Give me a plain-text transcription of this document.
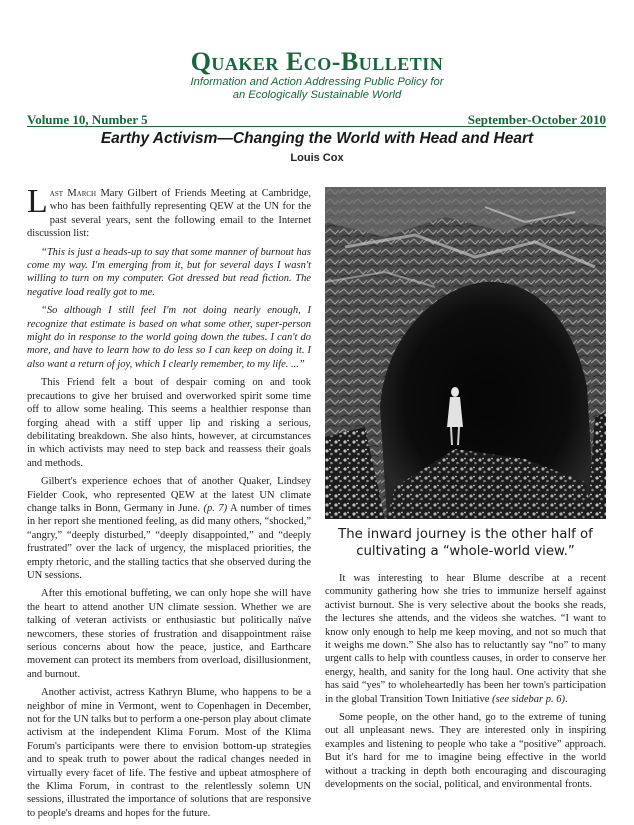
Quaker Eco-Bulletin
Information and Action Addressing Public Policy for
an Ecologically Sustainable World
Volume 10, Number 5	September-October 2010
Earthy Activism—Changing the World with Head and Heart
Louis Cox

Last March Mary Gilbert of Friends Meeting at Cambridge, who has been faithfully representing QEW at the UN for the past several years, sent the following email to the Internet discussion list:

“This is just a heads-up to say that some manner of burnout has come my way. I'm emerging from it, but for several days I wasn't willing to turn on my computer. Got dressed but read fiction. The negative load really got to me.

“So although I still feel I'm not doing nearly enough, I recognize that estimate is based on what some other, super-person might do in response to the world going down the tubes. I can't do more, and have to learn how to do less so I can keep on doing it. I also want a return of joy, which I clearly remember, to my life. ...”

This Friend felt a bout of despair coming on and took precautions to give her bruised and overworked spirit some time off to allow some healing. This seems a healthier response than forging ahead with a stiff upper lip and risking a serious, debilitating breakdown. She also hints, however, at circumstances in which activists may need to step back and reassess their goals and methods.

Gilbert's experience echoes that of another Quaker, Lindsey Fielder Cook, who represented QEW at the latest UN climate change talks in Bonn, Germany in June. (p. 7) A number of times in her report she mentioned feeling, as did many others, “shocked,” “angry,” “deeply disturbed,” “deeply disappointed,” and “deeply frustrated” over the lack of urgency, the misplaced priorities, the empty rhetoric, and the stalling tactics that she observed during the UN sessions.

After this emotional buffeting, we can only hope she will have the heart to attend another UN climate session. Whether we are talking of veteran activists or enthusiastic but politically naïve newcomers, these stories of frustration and disappointment raise serious concerns about how the peace, justice, and Earthcare movement can protect its members from overload, disillusionment, and burnout.

Another activist, actress Kathryn Blume, who happens to be a neighbor of mine in Vermont, went to Copenhagen in December, not for the UN talks but to perform a one-person play about climate activism at the independent Klima Forum. Most of the Klima Forum's participants were there to envision bottom-up strategies and to speak truth to power about the radical changes needed in virtually every facet of life. The festive and upbeat atmosphere of the Klima Forum, in contrast to the relentlessly solemn UN sessions, illustrated the importance of solutions that are responsive to people's dreams and hopes for the future.

The inward journey is the other half of cultivating a “whole-world view.”

It was interesting to hear Blume describe at a recent community gathering how she tries to immunize herself against activist burnout. She is very selective about the books she reads, the lectures she attends, and the videos she watches. “I want to know only enough to help me keep moving, and not so much that it weighs me down.” She also has to reluctantly say “no” to many urgent calls to help with countless causes, in order to conserve her energy, health, and sanity for the long haul. One activity that she has said “yes” to wholeheartedly has been her town's participation in the global Transition Town Initiative (see sidebar p. 6).

Some people, on the other hand, go to the extreme of tuning out all unpleasant news. They are interested only in inspiring examples and listening to people who take a “positive” approach. But it's hard for me to imagine being effective in the world without a tracking in depth both encouraging and discouraging developments on the social, political, and environmental fronts.
